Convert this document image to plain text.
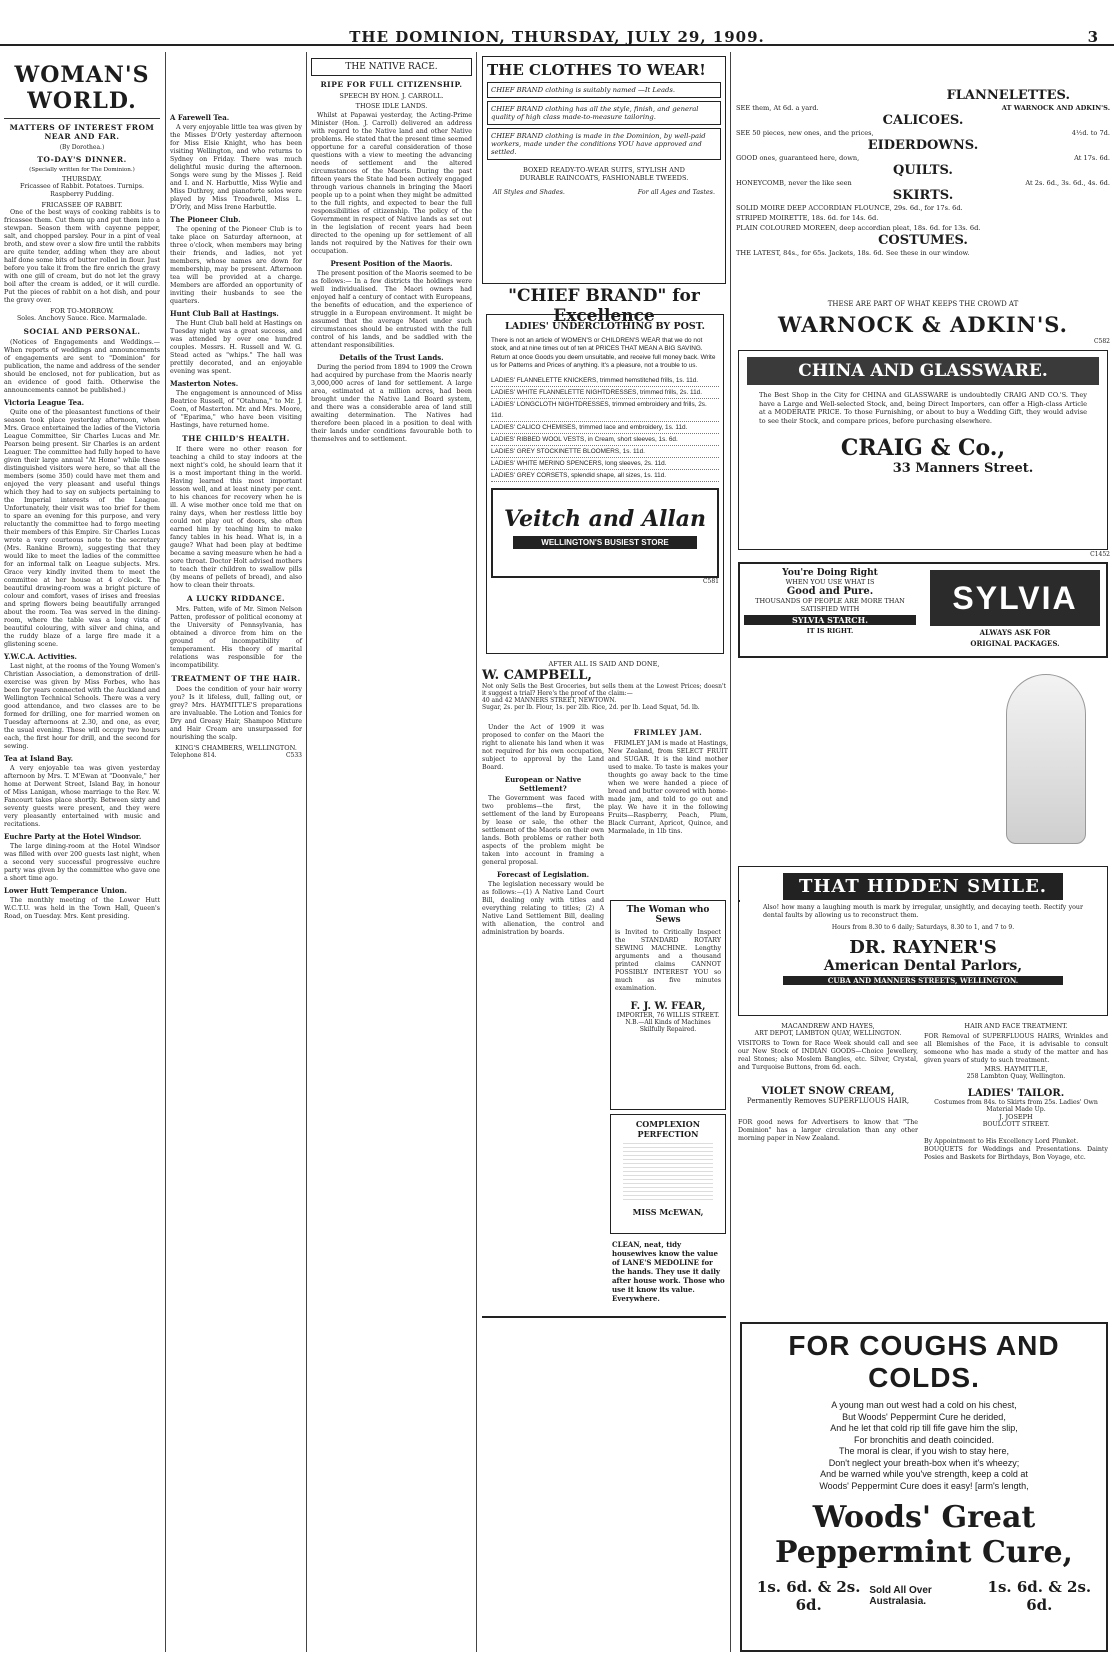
THE DOMINION, THURSDAY, JULY 29, 1909.	3
WOMAN'S WORLD.
MATTERS OF INTEREST FROM NEAR AND FAR.
(By Dorothea.)
TO-DAY'S DINNER.
(Specially written for The Dominion.)
THURSDAY.
Fricassee of Rabbit. Potatoes. Turnips. Raspberry Pudding.
FRICASSEE OF RABBIT.

One of the best ways of cooking rabbits is to fricassee them. Cut them up and put them into a stewpan. Season them with cayenne pepper, salt, and chopped parsley. Pour in a pint of veal broth, and stew over a slow fire until the rabbits are quite tender, adding when they are about half done some bits of butter rolled in flour. Just before you take it from the fire enrich the gravy with one gill of cream, but do not let the gravy boil after the cream is added, or it will curdle. Put the pieces of rabbit on a hot dish, and pour the gravy over.

FOR TO-MORROW.
Soles. Anchovy Sauce. Rice. Marmalade.
SOCIAL AND PERSONAL.

(Notices of Engagements and Weddings.—When reports of weddings and announcements of engagements are sent to "Dominion" for publication, the name and address of the sender should be enclosed, not for publication, but as an evidence of good faith. Otherwise the announcements cannot be published.)

Victoria League Tea.

Quite one of the pleasantest functions of their season took place yesterday afternoon, when Mrs. Grace entertained the ladies of the Victoria League Committee, Sir Charles Lucas and Mr. Pearson being present. Sir Charles is an ardent Leaguer. The committee had fully hoped to have given their large annual "At Home" while these distinguished visitors were here, so that all the members (some 350) could have met them and enjoyed the very pleasant and useful things which they had to say on subjects pertaining to the Imperial interests of the League. Unfortunately, their visit was too brief for them to spare an evening for this purpose, and very reluctantly the committee had to forgo meeting their members of this Empire. Sir Charles Lucas wrote a very courteous note to the secretary (Mrs. Rankine Brown), suggesting that they would like to meet the ladies of the committee for an informal talk on League subjects. Mrs. Grace very kindly invited them to meet the committee at her house at 4 o'clock. The beautiful drawing-room was a bright picture of colour and comfort, vases of irises and freesias and spring flowers being beautifully arranged about the room. Tea was served in the dining-room, where the table was a long vista of beautiful colouring, with silver and china, and the ruddy blaze of a large fire made it a glistening scene.

Y.W.C.A. Activities.

Last night, at the rooms of the Young Women's Christian Association, a demonstration of drill-exercise was given by Miss Forbes, who has been for years connected with the Auckland and Wellington Technical Schools. There was a very good attendance, and two classes are to be formed for drilling, one for married women on Tuesday afternoons at 2.30, and one, as ever, the usual evening. These will occupy two hours each, the first hour for drill, and the second for sewing.

Tea at Island Bay.

A very enjoyable tea was given yesterday afternoon by Mrs. T. M'Ewan at "Doonvale," her home at Derwent Street, Island Bay, in honour of Miss Lanigan, whose marriage to the Rev. W. Fancourt takes place shortly. Between sixty and seventy guests were present, and they were very pleasantly entertained with music and recitations.

Euchre Party at the Hotel Windsor.

The large dining-room at the Hotel Windsor was filled with over 200 guests last night, when a second very successful progressive euchre party was given by the committee who gave one a short time ago.

Lower Hutt Temperance Union.

The monthly meeting of the Lower Hutt W.C.T.U. was held in the Town Hall, Queen's Road, on Tuesday. Mrs. Kent presiding.

A Farewell Tea.

A very enjoyable little tea was given by the Misses D'Orly yesterday afternoon for Miss Elsie Knight, who has been visiting Wellington, and who returns to Sydney on Friday. There was much delightful music during the afternoon. Songs were sung by the Misses J. Reid and I. and N. Harbuttle, Miss Wylie and Miss Duthrey, and pianoforte solos were played by Miss Troadwell, Miss L. D'Orly, and Miss Irene Harbuttle.

The Pioneer Club.

The opening of the Pioneer Club is to take place on Saturday afternoon, at three o'clock, when members may bring their friends, and ladies, not yet members, whose names are down for membership, may be present. Afternoon tea will be provided at a charge. Members are afforded an opportunity of inviting their husbands to see the quarters.

Hunt Club Ball at Hastings.

The Hunt Club ball held at Hastings on Tuesday night was a great success, and was attended by over one hundred couples. Messrs. H. Russell and W. G. Stead acted as "whips." The hall was prettily decorated, and an enjoyable evening was spent.

Masterton Notes.

The engagement is announced of Miss Beatrice Russell, of "Otahuna," to Mr. J. Coen, of Masterton. Mr. and Mrs. Moore, of "Eparima," who have been visiting Hastings, have returned home.

THE CHILD'S HEALTH.

If there were no other reason for teaching a child to stay indoors at the next night's cold, he should learn that it is a most important thing in the world. Having learned this most important lesson well, and at least ninety per cent. to his chances for recovery when he is ill. A wise mother once told me that on rainy days, when her restless little boy could not play out of doors, she often earned him by teaching him to make fancy tables in his head. What is, in a gauge? What had been play at bedtime became a saving measure when he had a sore throat. Doctor Holt advised mothers to teach their children to swallow pills (by means of pellets of bread), and also how to clean their throats.

A LUCKY RIDDANCE.

Mrs. Patten, wife of Mr. Simon Nelson Patten, professor of political economy at the University of Pennsylvania, has obtained a divorce from him on the ground of incompatibility of temperament. His theory of marital relations was responsible for the incompatibility.

TREATMENT OF THE HAIR.

Does the condition of your hair worry you? Is it lifeless, dull, falling out, or grey? Mrs. HAYMITTLE'S preparations are invaluable. The Lotion and Tonics for Dry and Greasy Hair, Shampoo Mixture and Hair Cream are unsurpassed for nourishing the scalp.

KING'S CHAMBERS, WELLINGTON.
Telephone 814.	C533
THE NATIVE RACE.
RIPE FOR FULL CITIZENSHIP.
SPEECH BY HON. J. CARROLL.
THOSE IDLE LANDS.

Whilst at Papawai yesterday, the Acting-Prime Minister (Hon. J. Carroll) delivered an address with regard to the Native land and other Native problems. He stated that the present time seemed opportune for a careful consideration of those questions with a view to meeting the advancing needs of settlement and the altered circumstances of the Maoris. During the past fifteen years the State had been actively engaged through various channels in bringing the Maori people up to a point when they might be admitted to the full rights, and expected to bear the full responsibilities of citizenship. The policy of the Government in respect of Native lands as set out in the legislation of recent years had been directed to the opening up for settlement of all lands not required by the Natives for their own occupation.

Present Position of the Maoris.

The present position of the Maoris seemed to be as follows:— In a few districts the holdings were well individualised. The Maori owners had enjoyed half a century of contact with Europeans, the benefits of education, and the experience of struggle in a European environment. It might be assumed that the average Maori under such circumstances should be entrusted with the full control of his lands, and be saddled with the attendant responsibilities.

Details of the Trust Lands.

During the period from 1894 to 1909 the Crown had acquired by purchase from the Maoris nearly 3,000,000 acres of land for settlement. A large area, estimated at a million acres, had been brought under the Native Land Board system, and there was a considerable area of land still awaiting determination. The Natives had therefore been placed in a position to deal with their lands under conditions favourable both to themselves and to settlement.

THE CLOTHES TO WEAR!
CHIEF BRAND clothing is suitably named —It Leads.
CHIEF BRAND clothing has all the style, finish, and general quality of high class made-to-measure tailoring.
CHIEF BRAND clothing is made in the Dominion, by well-paid workers, made under the conditions YOU have approved and settled.
BOXED READY-TO-WEAR SUITS, STYLISH AND DURABLE RAINCOATS, FASHIONABLE TWEEDS.
All Styles and Shades.	For all Ages and Tastes.
"CHIEF BRAND" for Excellence
LADIES' UNDERCLOTHING BY POST.
There is not an article of WOMEN'S or CHILDREN'S WEAR that we do not stock, and at nine times out of ten at PRICES THAT MEAN A BIG SAVING. Return at once Goods you deem unsuitable, and receive full money back. Write us for Patterns and Prices of anything. It's a pleasure, not a trouble to us.
LADIES' FLANNELETTE KNICKERS, trimmed hemstitched frills, 1s. 11d.
LADIES' WHITE FLANNELETTE NIGHTDRESSES, trimmed frills, 2s. 11d.
LADIES' LONGCLOTH NIGHTDRESSES, trimmed embroidery and frills, 2s. 11d.
LADIES' CALICO CHEMISES, trimmed lace and embroidery, 1s. 11d.
LADIES' RIBBED WOOL VESTS, in Cream, short sleeves, 1s. 6d.
LADIES' GREY STOCKINETTE BLOOMERS, 1s. 11d.
LADIES' WHITE MERINO SPENCERS, long sleeves, 2s. 11d.
LADIES' GREY CORSETS, splendid shape, all sizes, 1s. 11d.
Veitch and Allan
WELLINGTON'S BUSIEST STORE
C581
AFTER ALL IS SAID AND DONE,
W. CAMPBELL,
Not only Sells the Best Groceries, but sells them at the Lowest Prices; doesn't it suggest a trial? Here's the proof of the claim:—
40 and 42 MANNERS STREET, NEWTOWN.
Sugar, 2s. per lb. Flour, 1s. per 2lb. Rice, 2d. per lb. Lead Squat, 5d. lb.

Under the Act of 1909 it was proposed to confer on the Maori the right to alienate his land when it was not required for his own occupation, subject to approval by the Land Board.

European or Native Settlement?

The Government was faced with two problems—the first, the settlement of the land by Europeans by lease or sale, the other the settlement of the Maoris on their own lands. Both problems or rather both aspects of the problem might be taken into account in framing a general proposal.

Forecast of Legislation.

The legislation necessary would be as follows:—(1) A Native Land Court Bill, dealing only with titles and everything relating to titles; (2) A Native Land Settlement Bill, dealing with alienation, the control and administration by boards.

FRIMLEY JAM.

FRIMLEY JAM is made at Hastings, New Zealand, from SELECT FRUIT and SUGAR. It is the kind mother used to make. To taste is makes your thoughts go away back to the time when we were handed a piece of bread and butter covered with home-made jam, and told to go out and play. We have it in the following Fruits—Raspberry, Peach, Plum, Black Currant, Apricot, Quince, and Marmalade, in 1lb tins.

The Woman who Sews
is Invited to Critically Inspect the STANDARD ROTARY SEWING MACHINE. Lengthy arguments and a thousand printed claims CANNOT POSSIBLY INTEREST YOU so much as five minutes examination.
F. J. W. FEAR,
IMPORTER, 76 WILLIS STREET.
N.B.—All Kinds of Machines Skilfully Repaired.
COMPLEXION PERFECTION
MISS McEWAN,
CLEAN, neat, tidy housewives know the value of LANE'S MEDOLINE for the hands. They use it daily after house work. Those who use it know its value. Everywhere.
FLANNELETTES.
SEE them, At 6d. a yard.	AT WARNOCK AND ADKIN'S.
CALICOES.
SEE 50 pieces, new ones, and the prices,	4½d. to 7d.
EIDERDOWNS.
GOOD ones, guaranteed here, down,	At 17s. 6d.
QUILTS.
HONEYCOMB, never the like seen	At 2s. 6d., 3s. 6d., 4s. 6d.
SKIRTS.
SOLID MOIRE DEEP ACCORDIAN FLOUNCE, 29s. 6d., for 17s. 6d.
STRIPED MOIRETTE, 18s. 6d. for 14s. 6d.
PLAIN COLOURED MOREEN, deep accordian pleat, 18s. 6d. for 13s. 6d.
COSTUMES.
THE LATEST, 84s., for 65s. Jackets, 18s. 6d. See these in our window.
THESE ARE PART OF WHAT KEEPS THE CROWD AT
WARNOCK & ADKIN'S.
C582
CHINA AND GLASSWARE.
The Best Shop in the City for CHINA and GLASSWARE is undoubtedly CRAIG AND CO.'S. They have a Large and Well-selected Stock, and, being Direct Importers, can offer a High-class Article at a MODERATE PRICE. To those Furnishing, or about to buy a Wedding Gift, they would advise to see their Stock, and compare prices, before purchasing elsewhere.
CRAIG & Co.,
33 Manners Street.
C1452
You're Doing Right
WHEN YOU USE WHAT IS
Good and Pure.
THOUSANDS OF PEOPLE ARE MORE THAN SATISFIED WITH
SYLVIA STARCH.
IT IS RIGHT.
SYLVIA
ALWAYS ASK FOR
ORIGINAL PACKAGES.
THAT HIDDEN SMILE.
Also! how many a laughing mouth is mark by irregular, unsightly, and decaying teeth. Rectify your dental faults by allowing us to reconstruct them.
Hours from 8.30 to 6 daily; Saturdays, 8.30 to 1, and 7 to 9.
DR. RAYNER'S
American Dental Parlors,
CUBA AND MANNERS STREETS, WELLINGTON.
MACANDREW AND HAYES,
ART DEPOT, LAMBTON QUAY, WELLINGTON.
VISITORS to Town for Race Week should call and see our New Stock of INDIAN GOODS—Choice Jewellery, real Stones; also Moslem Bangles, etc. Silver, Crystal, and Turquoise Buttons, from 6d. each.
VIOLET SNOW CREAM,
Permanently Removes SUPERFLUOUS HAIR,
FOR good news for Advertisers to know that "The Dominion" has a larger circulation than any other morning paper in New Zealand.
HAIR AND FACE TREATMENT.
FOR Removal of SUPERFLUOUS HAIRS, Wrinkles and all Blemishes of the Face, it is advisable to consult someone who has made a study of the matter and has given years of study to such treatment.
MRS. HAYMITTLE,
258 Lambton Quay, Wellington.
LADIES' TAILOR.
Costumes from 84s. to Skirts from 25s. Ladies' Own Material Made Up.
J. JOSEPH
BOULCOTT STREET.
By Appointment to His Excellency Lord Plunket.
BOUQUETS for Weddings and Presentations. Dainty Posies and Baskets for Birthdays, Bon Voyage, etc.
FOR COUGHS AND COLDS.
A young man out west had a cold on his chest,
But Woods' Peppermint Cure he derided,
And he let that cold rip till fife gave him the slip,
For bronchitis and death coincided.
The moral is clear, if you wish to stay here,
Don't neglect your breath-box when it's wheezy;
And be warned while you've strength, keep a cold at
Woods' Peppermint Cure does it easy! [arm's length,
Woods' Great Peppermint Cure,
1s. 6d. & 2s. 6d.
Sold All Over Australasia.
1s. 6d. & 2s. 6d.
